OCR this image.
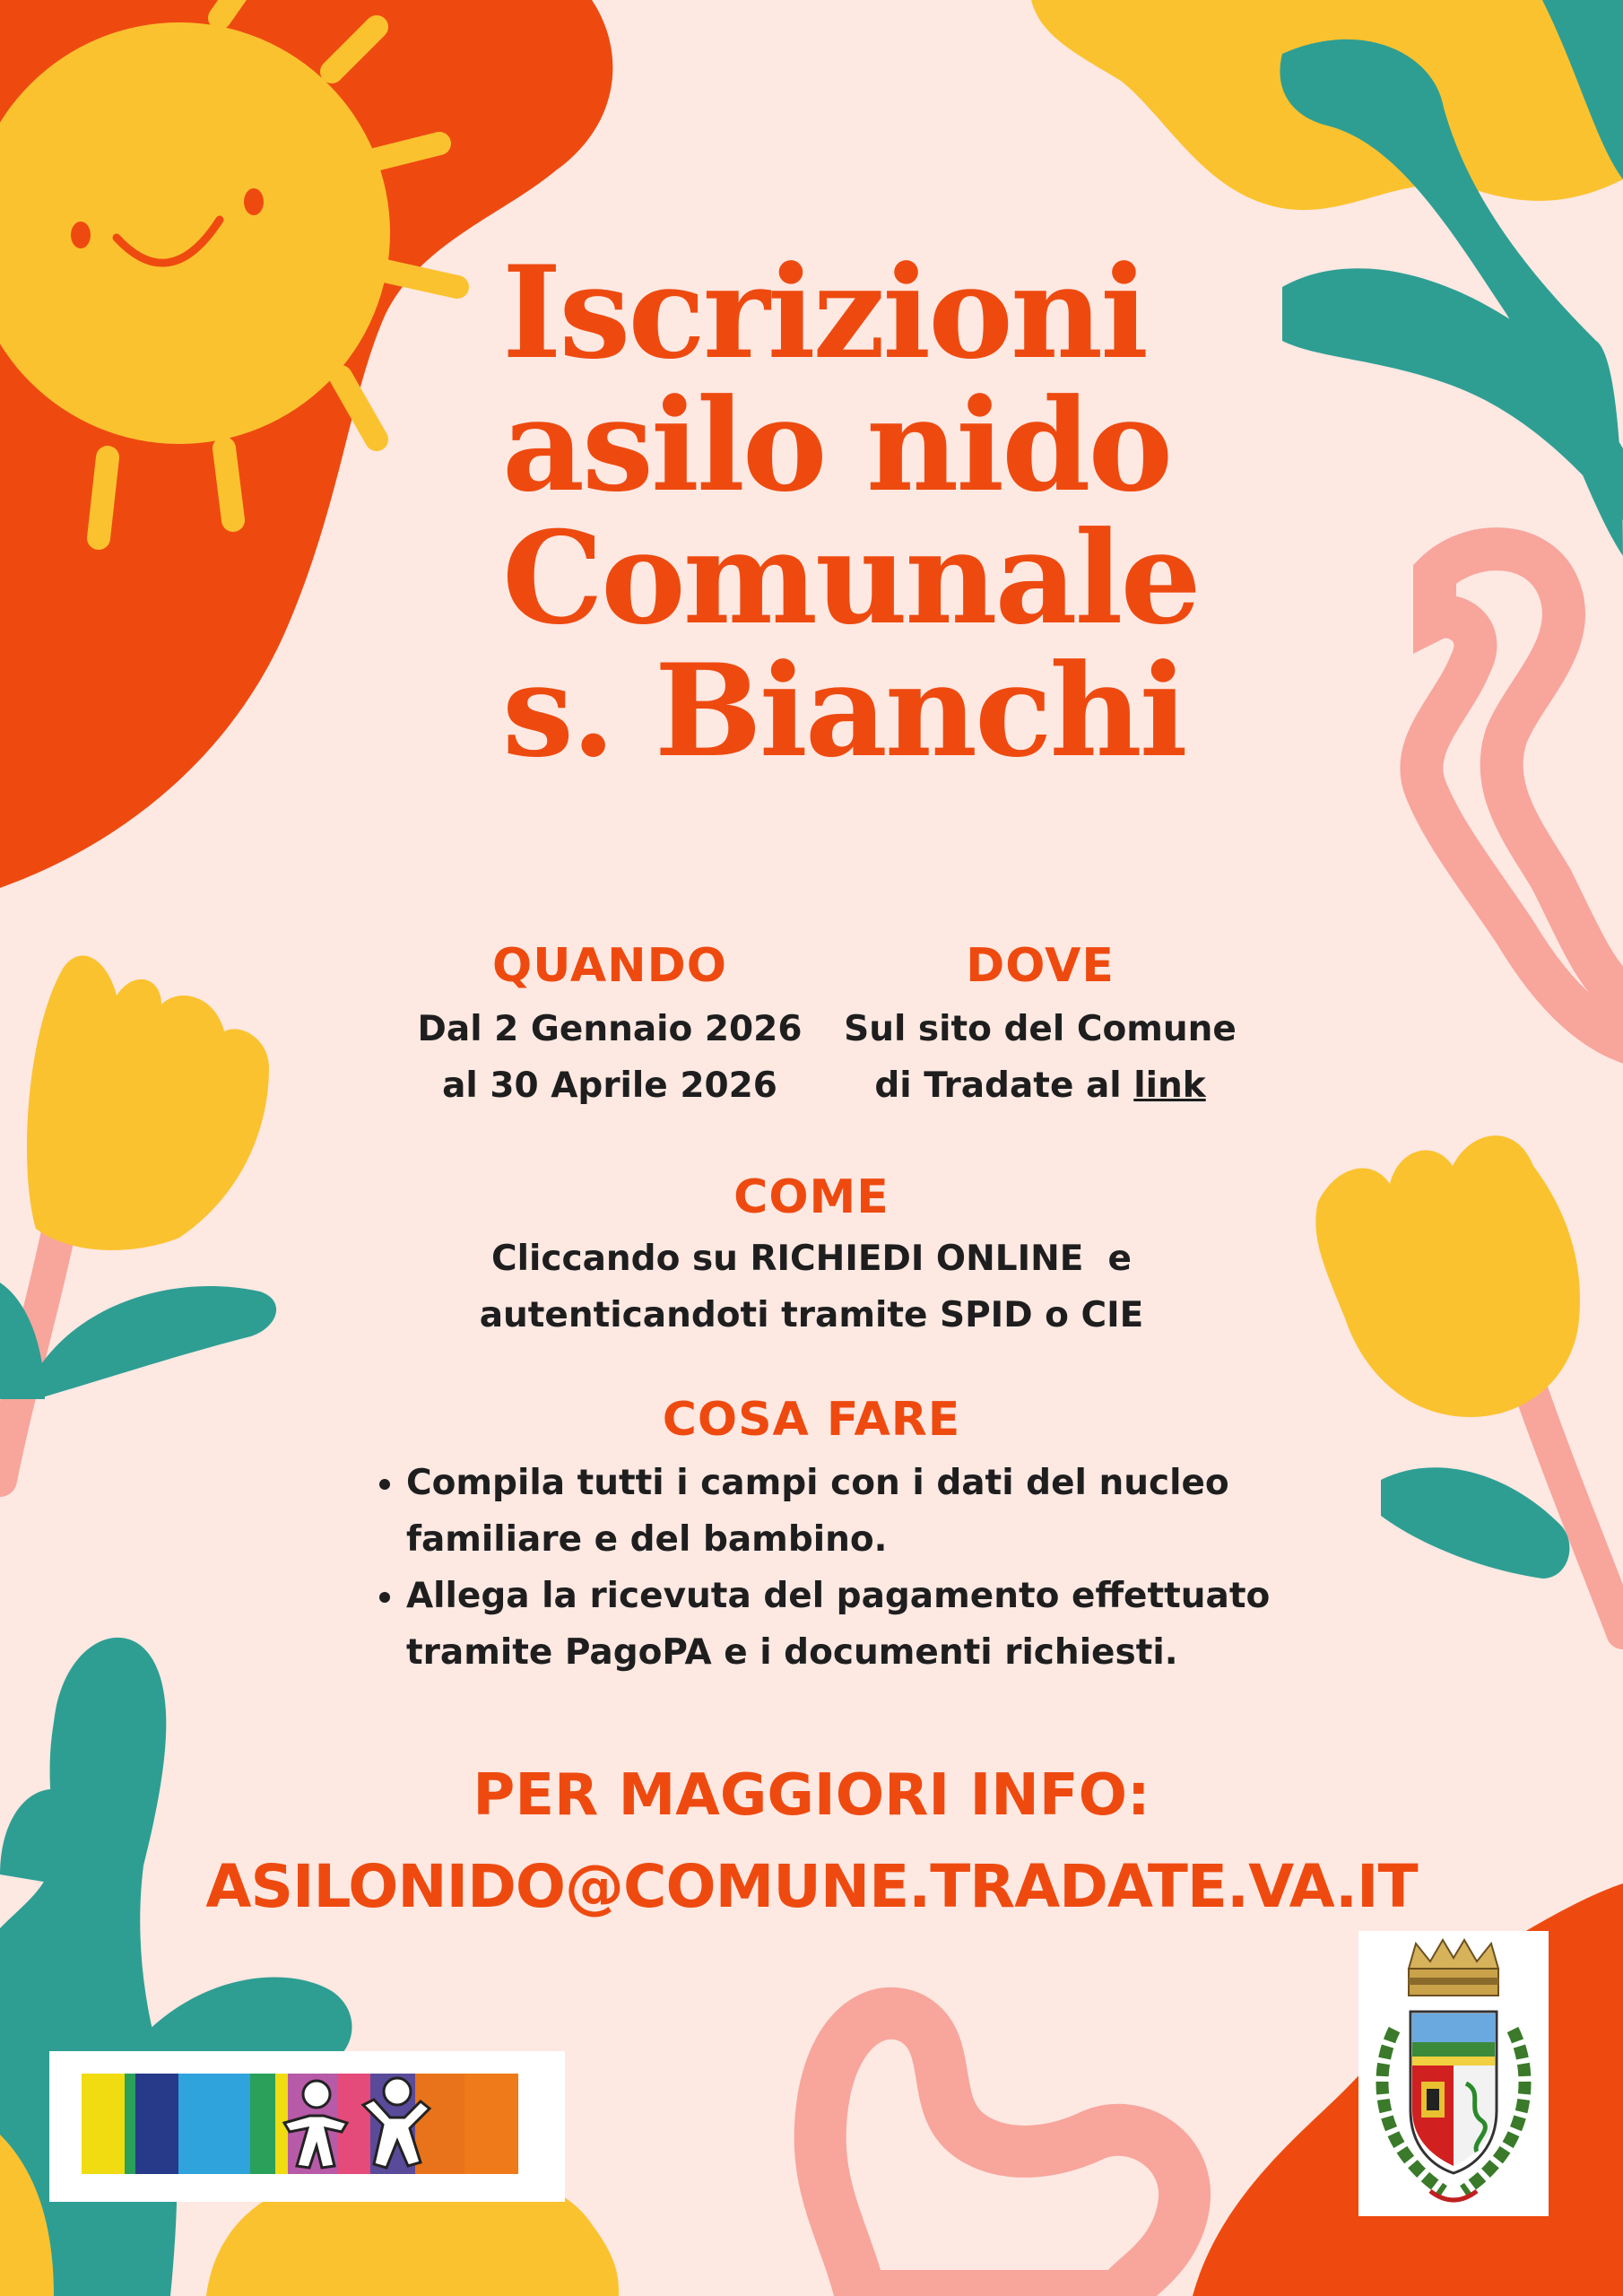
Iscrizioni
asilo nido
Comunale
s. Bianchi
QUANDO
Dal 2 Gennaio 2026
al 30 Aprile 2026
DOVE
Sul sito del Comune
di Tradate al link
COME
Cliccando su RICHIEDI ONLINE  e
autenticandoti tramite SPID o CIE
COSA FARE
• Compila tutti i campi con i dati del nucleo familiare e del bambino.
• Allega la ricevuta del pagamento effettuato tramite PagoPA e i documenti richiesti.
PER MAGGIORI INFO:
ASILONIDO@COMUNE.TRADATE.VA.IT
